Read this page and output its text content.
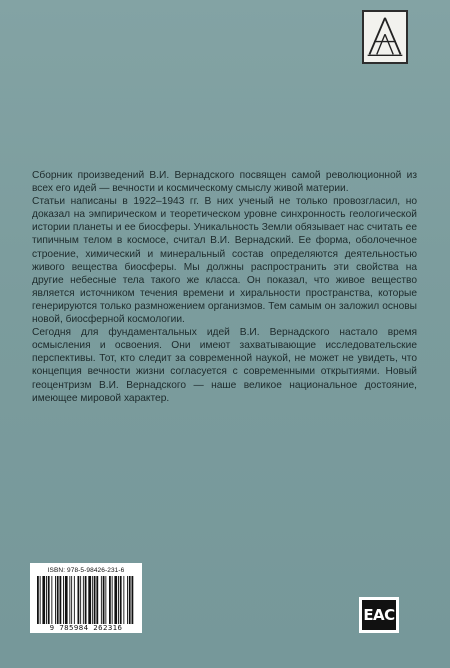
Сборник произведений В.И. Вернадского посвящен самой революционной из всех его идей — вечности и космическому смыслу живой материи.

Статьи написаны в 1922–1943 гг. В них ученый не только провозгласил, но доказал на эмпирическом и теоретическом уровне синхронность геологической истории планеты и ее биосферы. Уникальность Земли обязывает нас считать ее типичным телом в космосе, считал В.И. Вернадский. Ее форма, оболочечное строение, химический и минеральный состав определяются деятельностью живого вещества биосферы. Мы должны распространить эти свойства на другие небесные тела такого же класса. Он показал, что живое вещество является источником течения времени и хиральности пространства, которые генерируются только размножением организмов. Тем самым он заложил основы новой, биосферной космологии.

Сегодня для фундаментальных идей В.И. Вернадского настало время осмысления и освоения. Они имеют захватывающие исследовательские перспективы. Тот, кто следит за современной наукой, не может не увидеть, что концепция вечности жизни согласуется с современными открытиями. Новый геоцентризм В.И. Вернадского — наше великое национальное достояние, имеющее мировой характер.

ISBN: 978-5-98426-231-6
9 785984 262316
EAC
